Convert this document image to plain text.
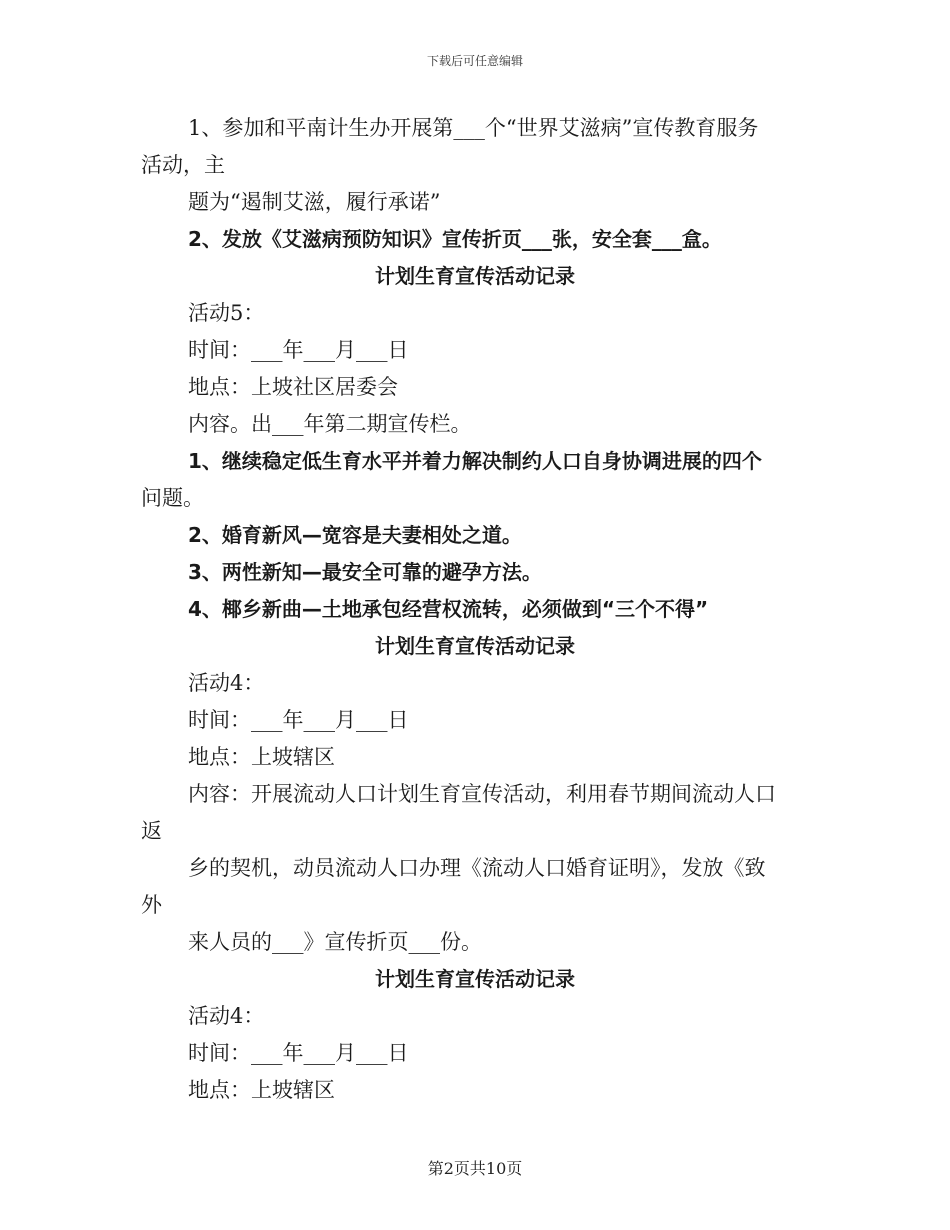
下载后可任意编辑
1、参加和平南计生办开展第___个“世界艾滋病”宣传教育服务
活动，主
题为“遏制艾滋，履行承诺”
2、发放《艾滋病预防知识》宣传折页___张，安全套___盒。
计划生育宣传活动记录
活动5：
时间：___年___月___日
地点：上坡社区居委会
内容。出___年第二期宣传栏。
1、继续稳定低生育水平并着力解决制约人口自身协调进展的四个
问题。
2、婚育新风—宽容是夫妻相处之道。
3、两性新知—最安全可靠的避孕方法。
4、椰乡新曲—土地承包经营权流转，必须做到“三个不得”
计划生育宣传活动记录
活动4：
时间：___年___月___日
地点：上坡辖区
内容：开展流动人口计划生育宣传活动，利用春节期间流动人口
返
乡的契机，动员流动人口办理《流动人口婚育证明》，发放《致
外
来人员的___》宣传折页___份。
计划生育宣传活动记录
活动4：
时间：___年___月___日
地点：上坡辖区
第2页共10页
